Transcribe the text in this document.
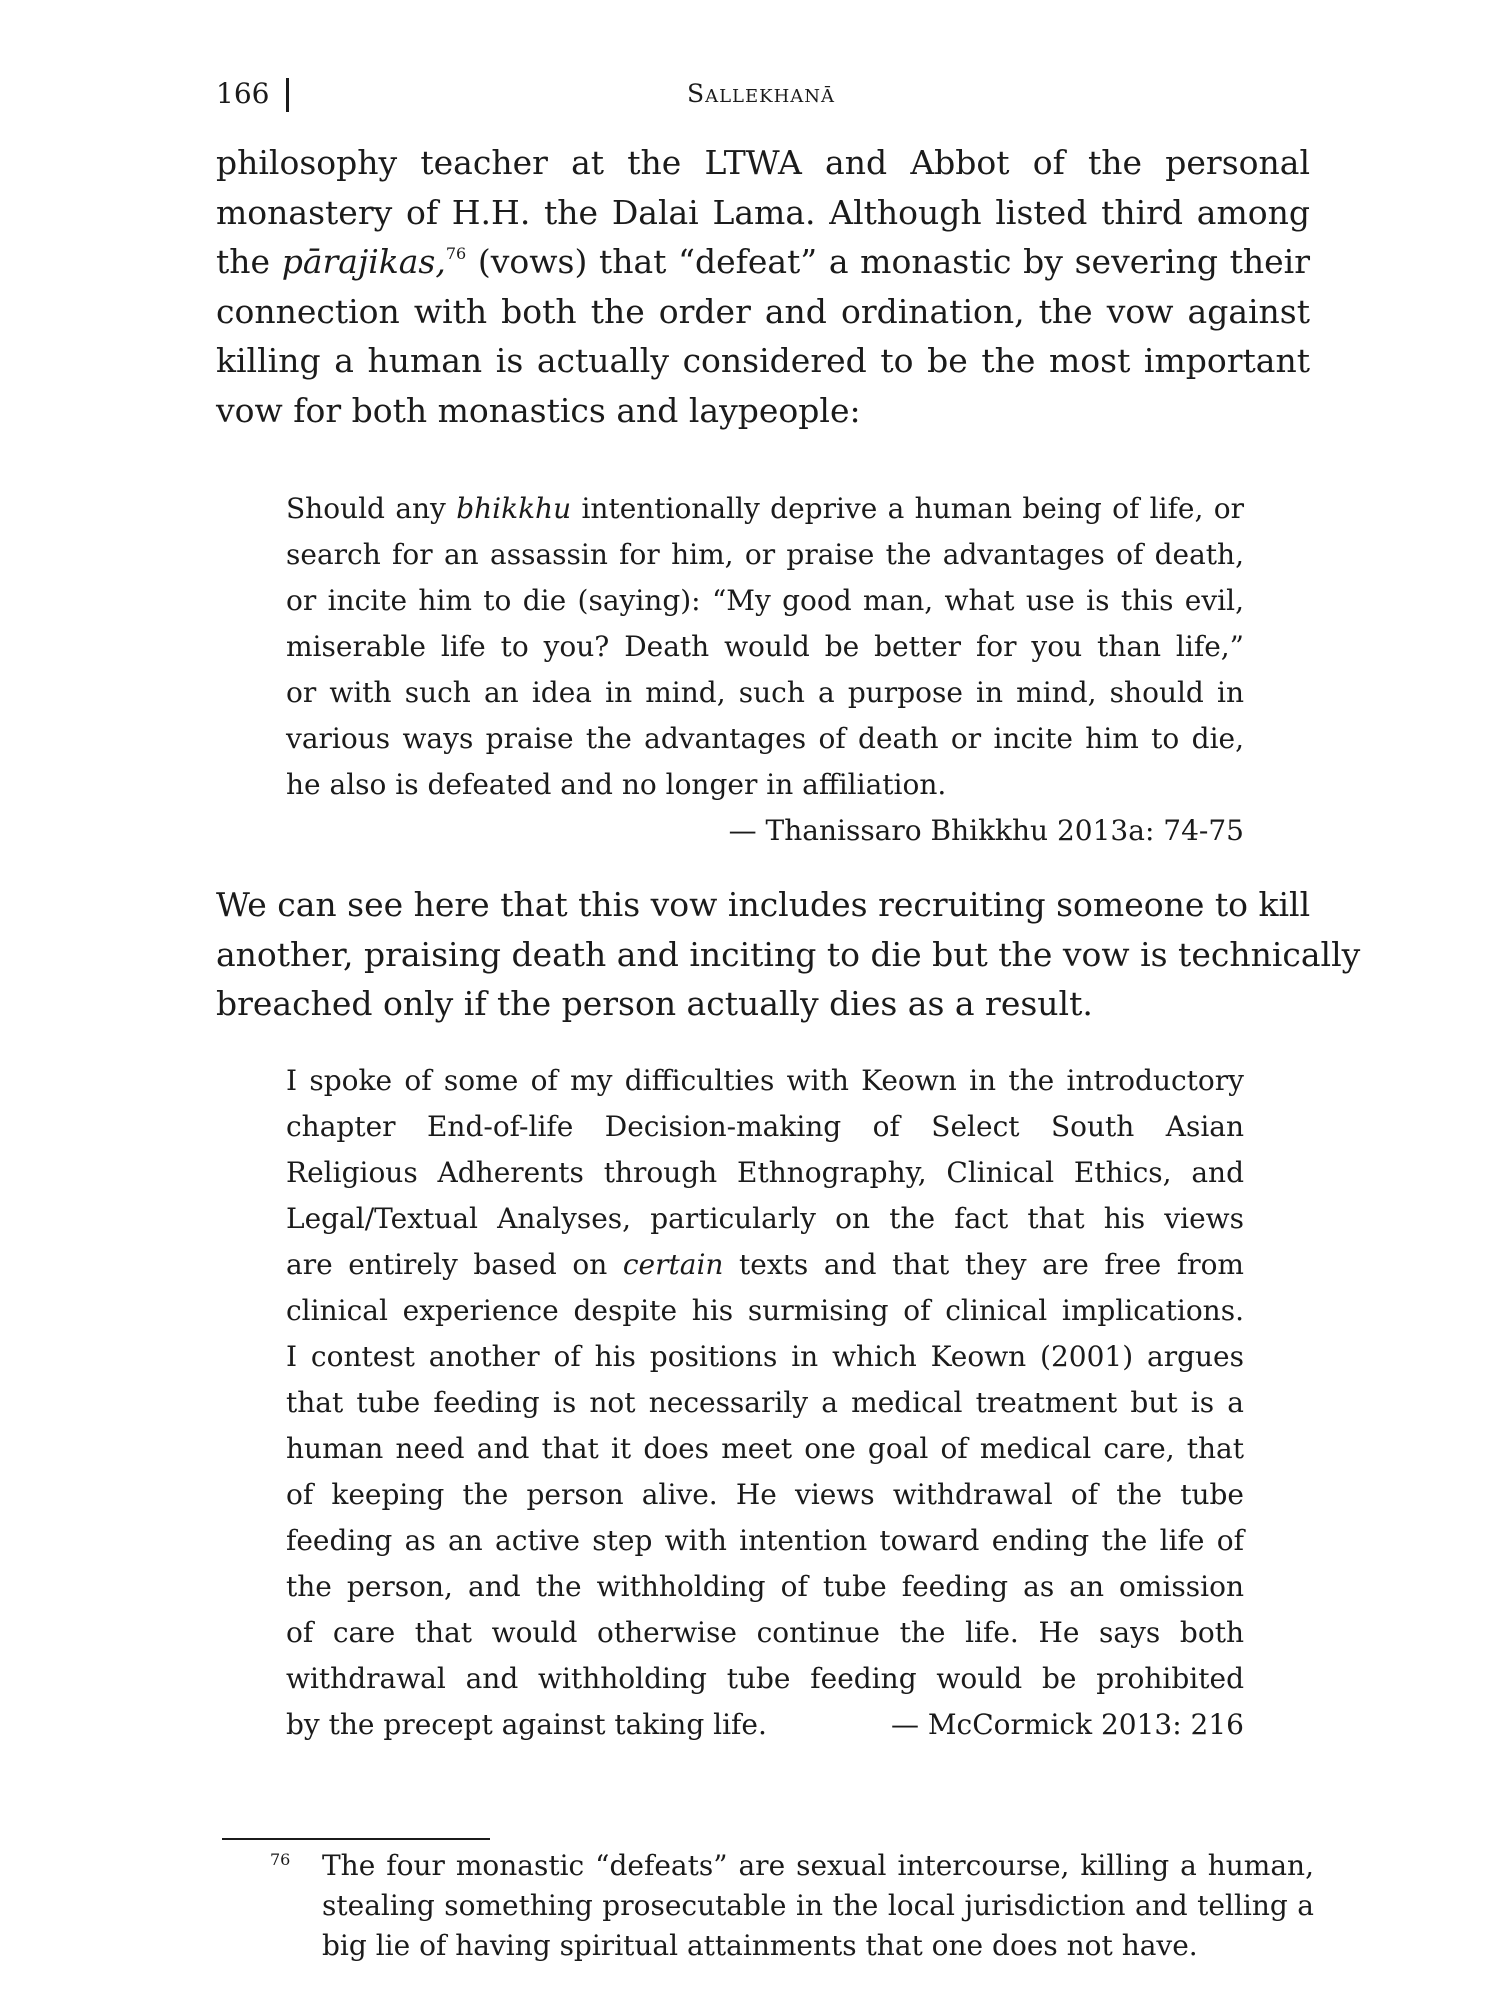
166	Sallekhanā
philosophy teacher at the LTWA and Abbot of the personal
monastery of H.H. the Dalai Lama. Although listed third among
the pārajikas,$^{76}$ (vows) that “defeat” a monastic by severing their
connection with both the order and ordination, the vow against
killing a human is actually considered to be the most important
vow for both monastics and laypeople:
Should any bhikkhu intentionally deprive a human being of life, or
search for an assassin for him, or praise the advantages of death,
or incite him to die (saying): “My good man, what use is this evil,
miserable life to you? Death would be better for you than life,”
or with such an idea in mind, such a purpose in mind, should in
various ways praise the advantages of death or incite him to die,
he also is defeated and no longer in affiliation.
— Thanissaro Bhikkhu 2013a: 74-75
We can see here that this vow includes recruiting someone to kill
another, praising death and inciting to die but the vow is technically
breached only if the person actually dies as a result.
I spoke of some of my difficulties with Keown in the introductory
chapter End-of-life Decision-making of Select South Asian
Religious Adherents through Ethnography, Clinical Ethics, and
Legal/Textual Analyses, particularly on the fact that his views
are entirely based on certain texts and that they are free from
clinical experience despite his surmising of clinical implications.
I contest another of his positions in which Keown (2001) argues
that tube feeding is not necessarily a medical treatment but is a
human need and that it does meet one goal of medical care, that
of keeping the person alive. He views withdrawal of the tube
feeding as an active step with intention toward ending the life of
the person, and the withholding of tube feeding as an omission
of care that would otherwise continue the life. He says both
withdrawal and withholding tube feeding would be prohibited
by the precept against taking life.	— McCormick 2013: 216
76 The four monastic “defeats” are sexual intercourse, killing a human,
stealing something prosecutable in the local jurisdiction and telling a
big lie of having spiritual attainments that one does not have.
